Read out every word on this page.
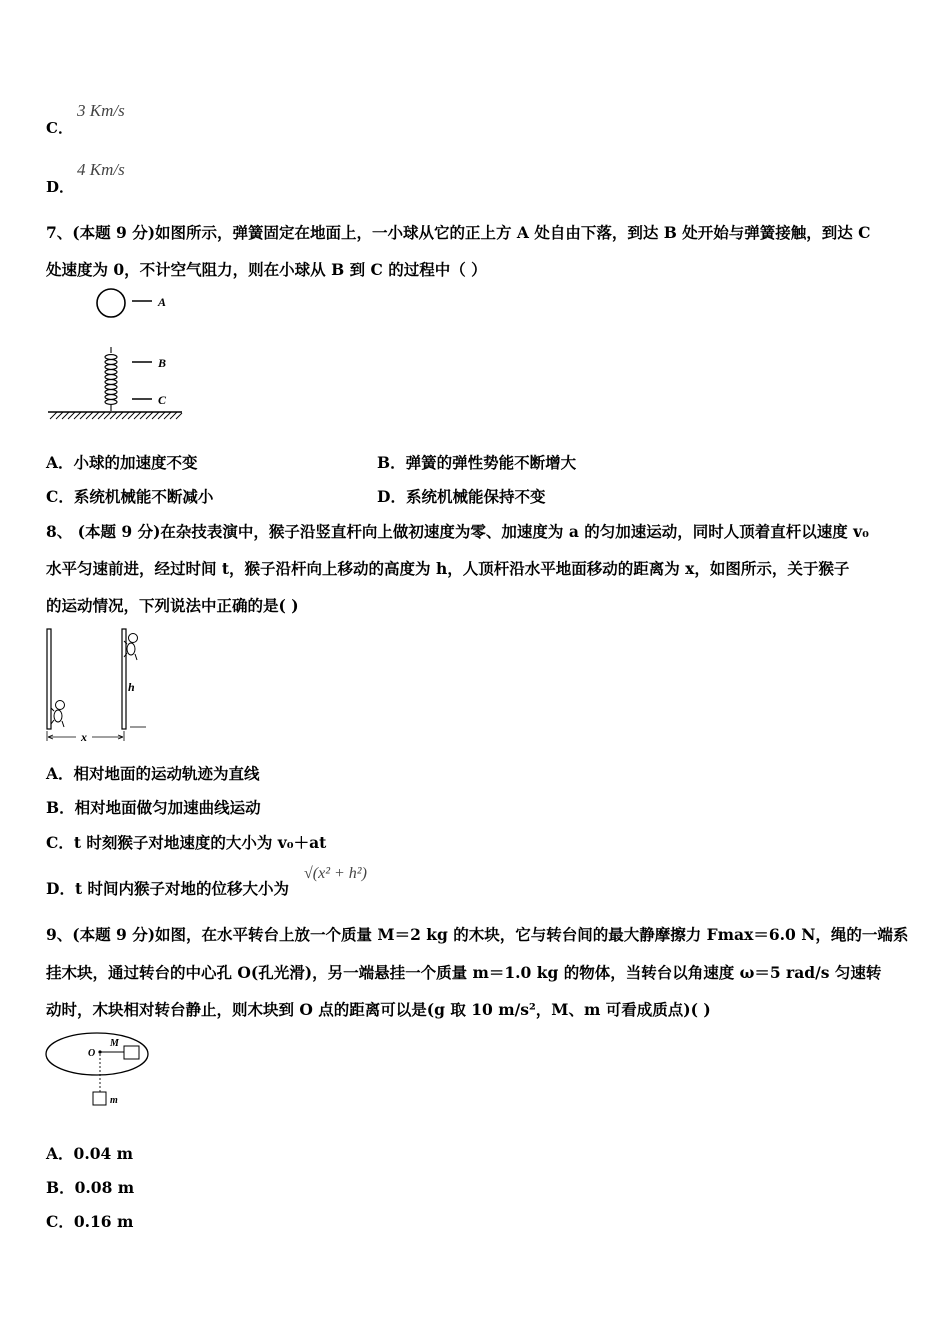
C．
3 Km/s
D．
4 Km/s
7、(本题 9 分)如图所示，弹簧固定在地面上，一小球从它的正上方 A 处自由下落，到达 B 处开始与弹簧接触，到达 C
处速度为 0，不计空气阻力，则在小球从 B 到 C 的过程中（ ）
A
B
C
A．小球的加速度不变	B．弹簧的弹性势能不断增大
C．系统机械能不断减小	D．系统机械能保持不变
8、 (本题 9 分)在杂技表演中，猴子沿竖直杆向上做初速度为零、加速度为 a 的匀加速运动，同时人顶着直杆以速度 v₀
水平匀速前进，经过时间 t，猴子沿杆向上移动的高度为 h，人顶杆沿水平地面移动的距离为 x，如图所示，关于猴子
的运动情况，下列说法中正确的是( )
h
x
A．相对地面的运动轨迹为直线
B．相对地面做匀加速曲线运动
C．t 时刻猴子对地速度的大小为 v₀＋at
D．t 时间内猴子对地的位移大小为
√(x² + h²)
9、(本题 9 分)如图，在水平转台上放一个质量 M＝2 kg 的木块，它与转台间的最大静摩擦力 Fmax＝6.0 N，绳的一端系
挂木块，通过转台的中心孔 O(孔光滑)，另一端悬挂一个质量 m＝1.0 kg 的物体，当转台以角速度 ω＝5 rad/s 匀速转
动时，木块相对转台静止，则木块到 O 点的距离可以是(g 取 10 m/s²，M、m 可看成质点)( )
O
M
m
A．0.04 m
B．0.08 m
C．0.16 m
